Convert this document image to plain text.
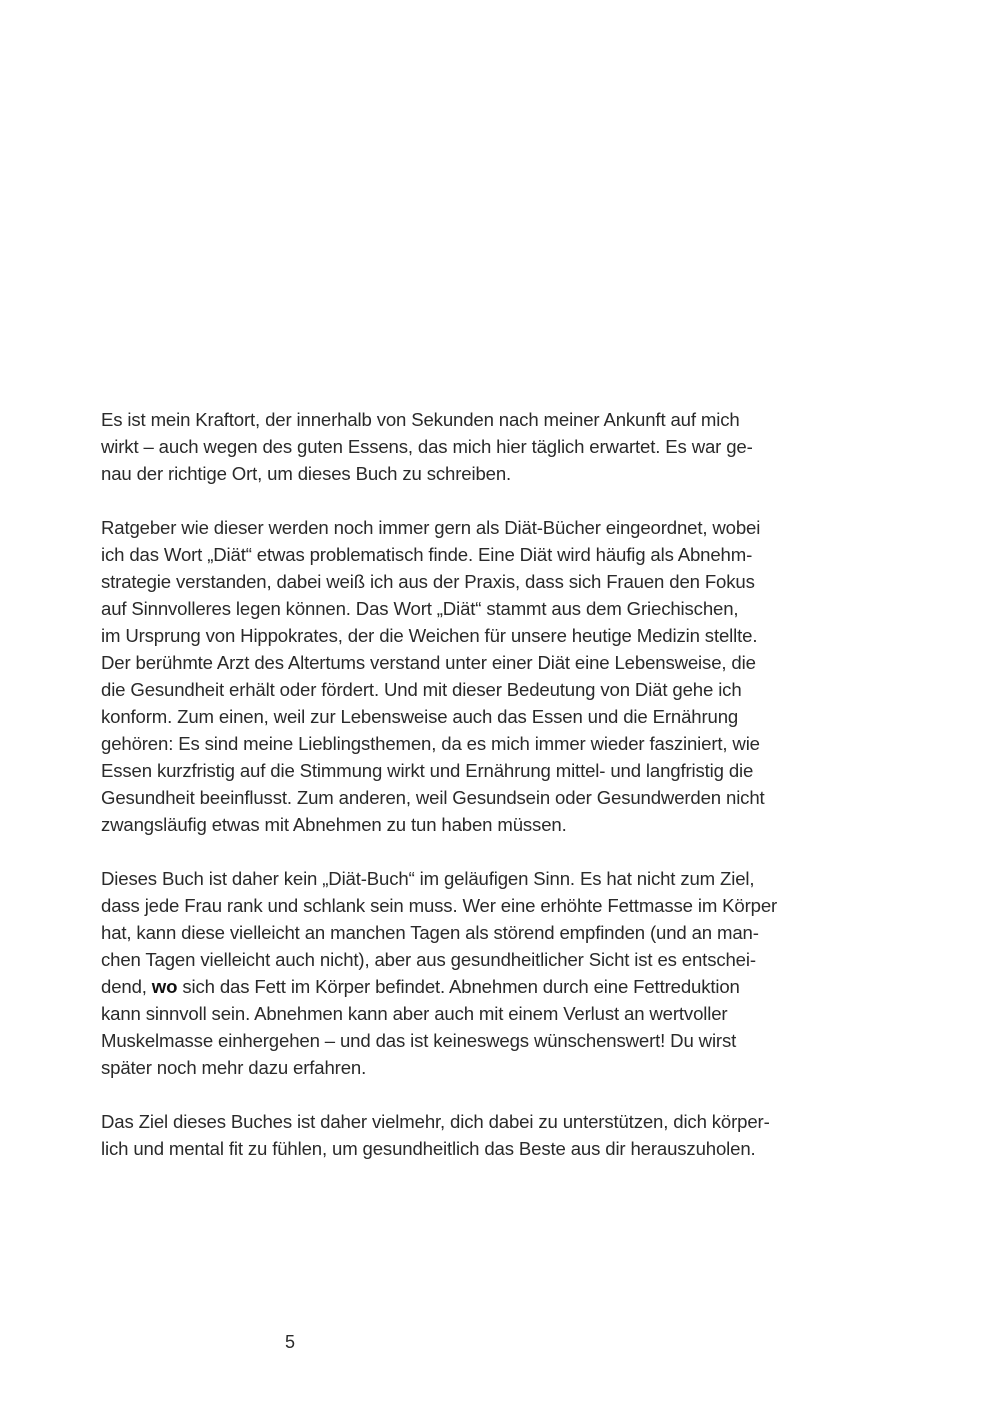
Es ist mein Kraftort, der innerhalb von Sekunden nach meiner Ankunft auf mich
wirkt – auch wegen des guten Essens, das mich hier täglich erwartet. Es war ge-
nau der richtige Ort, um dieses Buch zu schreiben.

Ratgeber wie dieser werden noch immer gern als Diät-Bücher eingeordnet, wobei
ich das Wort „Diät“ etwas problematisch finde. Eine Diät wird häufig als Abnehm-
strategie verstanden, dabei weiß ich aus der Praxis, dass sich Frauen den Fokus
auf Sinnvolleres legen können. Das Wort „Diät“ stammt aus dem Griechischen,
im Ursprung von Hippokrates, der die Weichen für unsere heutige Medizin stellte.
Der berühmte Arzt des Altertums verstand unter einer Diät eine Lebensweise, die
die Gesundheit erhält oder fördert. Und mit dieser Bedeutung von Diät gehe ich
konform. Zum einen, weil zur Lebensweise auch das Essen und die Ernährung
gehören: Es sind meine Lieblingsthemen, da es mich immer wieder fasziniert, wie
Essen kurzfristig auf die Stimmung wirkt und Ernährung mittel- und langfristig die
Gesundheit beeinflusst. Zum anderen, weil Gesundsein oder Gesundwerden nicht
zwangsläufig etwas mit Abnehmen zu tun haben müssen.

Dieses Buch ist daher kein „Diät-Buch“ im geläufigen Sinn. Es hat nicht zum Ziel,
dass jede Frau rank und schlank sein muss. Wer eine erhöhte Fettmasse im Körper
hat, kann diese vielleicht an manchen Tagen als störend empfinden (und an man-
chen Tagen vielleicht auch nicht), aber aus gesundheitlicher Sicht ist es entschei-
dend, wo sich das Fett im Körper befindet. Abnehmen durch eine Fettreduktion
kann sinnvoll sein. Abnehmen kann aber auch mit einem Verlust an wertvoller
Muskelmasse einhergehen – und das ist keineswegs wünschenswert! Du wirst
später noch mehr dazu erfahren.

Das Ziel dieses Buches ist daher vielmehr, dich dabei zu unterstützen, dich körper-
lich und mental fit zu fühlen, um gesundheitlich das Beste aus dir herauszuholen.

5
